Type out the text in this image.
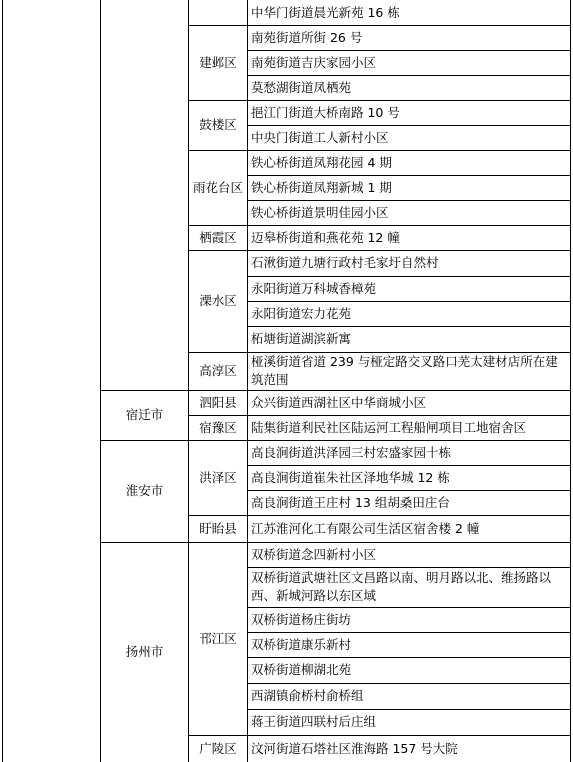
宿迁市
淮安市
扬州市
建邺区
鼓楼区
雨花台区
栖霞区
溧水区
高淳区
泗阳县
宿豫区
洪泽区
盱眙县
邗江区
广陵区
中华门街道晨光新苑 16 栋
南苑街道所街 26 号
南苑街道吉庆家园小区
莫愁湖街道凤栖苑
挹江门街道大桥南路 10 号
中央门街道工人新村小区
铁心桥街道凤翔花园 4 期
铁心桥街道凤翔新城 1 期
铁心桥街道景明佳园小区
迈皋桥街道和燕花苑 12 幢
石湫街道九塘行政村毛家圩自然村
永阳街道万科城香樟苑
永阳街道宏力花苑
柘塘街道湖滨新寓
桠溪街道省道 239 与桠定路交叉路口芜太建材店所在建筑范围
众兴街道西湖社区中华商城小区
陆集街道利民社区陆运河工程船闸项目工地宿舍区
高良涧街道洪泽园三村宏盛家园十栋
高良涧街道崔朱社区泽地华城 12 栋
高良涧街道王庄村 13 组胡桑田庄台
江苏淮河化工有限公司生活区宿舍楼 2 幢
双桥街道念四新村小区
双桥街道武塘社区文昌路以南、明月路以北、维扬路以西、新城河路以东区域
双桥街道杨庄街坊
双桥街道康乐新村
双桥街道柳湖北苑
西湖镇俞桥村俞桥组
蒋王街道四联村后庄组
汶河街道石塔社区淮海路 157 号大院
